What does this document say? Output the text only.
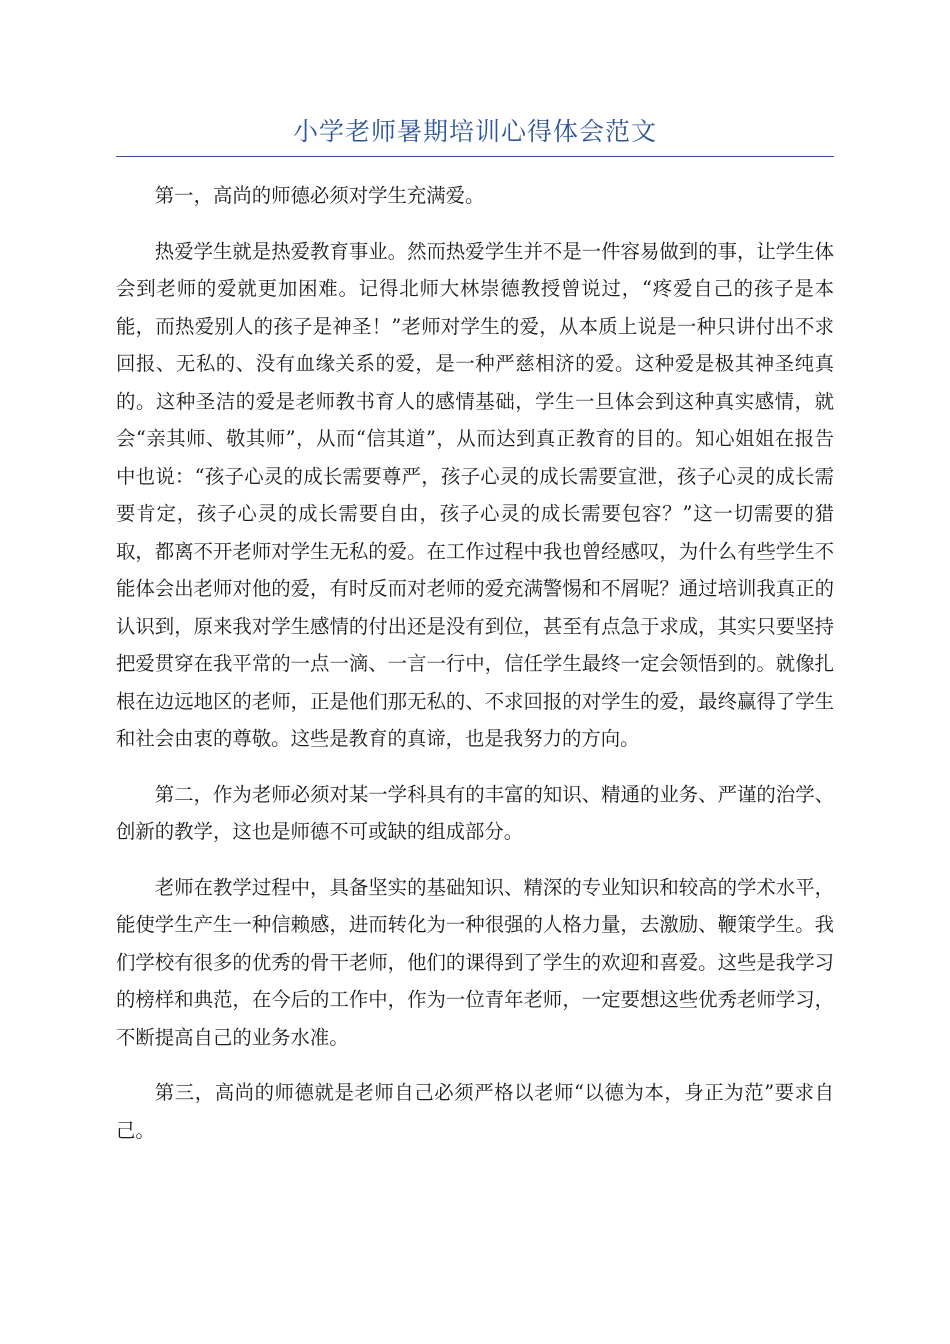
小学老师暑期培训心得体会范文

第一，高尚的师德必须对学生充满爱。

热爱学生就是热爱教育事业。然而热爱学生并不是一件容易做到的事，让学生体会到老师的爱就更加困难。记得北师大林崇德教授曾说过，“疼爱自己的孩子是本能，而热爱别人的孩子是神圣！”老师对学生的爱，从本质上说是一种只讲付出不求回报、无私的、没有血缘关系的爱，是一种严慈相济的爱。这种爱是极其神圣纯真的。这种圣洁的爱是老师教书育人的感情基础，学生一旦体会到这种真实感情，就会“亲其师、敬其师”，从而“信其道”，从而达到真正教育的目的。知心姐姐在报告中也说：“孩子心灵的成长需要尊严，孩子心灵的成长需要宣泄，孩子心灵的成长需要肯定，孩子心灵的成长需要自由，孩子心灵的成长需要包容？”这一切需要的猎取，都离不开老师对学生无私的爱。在工作过程中我也曾经感叹，为什么有些学生不能体会出老师对他的爱，有时反而对老师的爱充满警惕和不屑呢？通过培训我真正的认识到，原来我对学生感情的付出还是没有到位，甚至有点急于求成，其实只要坚持把爱贯穿在我平常的一点一滴、一言一行中，信任学生最终一定会领悟到的。就像扎根在边远地区的老师，正是他们那无私的、不求回报的对学生的爱，最终赢得了学生和社会由衷的尊敬。这些是教育的真谛，也是我努力的方向。

第二，作为老师必须对某一学科具有的丰富的知识、精通的业务、严谨的治学、创新的教学，这也是师德不可或缺的组成部分。

老师在教学过程中，具备坚实的基础知识、精深的专业知识和较高的学术水平，能使学生产生一种信赖感，进而转化为一种很强的人格力量，去激励、鞭策学生。我们学校有很多的优秀的骨干老师，他们的课得到了学生的欢迎和喜爱。这些是我学习的榜样和典范，在今后的工作中，作为一位青年老师，一定要想这些优秀老师学习，不断提高自己的业务水准。

第三，高尚的师德就是老师自己必须严格以老师“以德为本，身正为范”要求自己。
